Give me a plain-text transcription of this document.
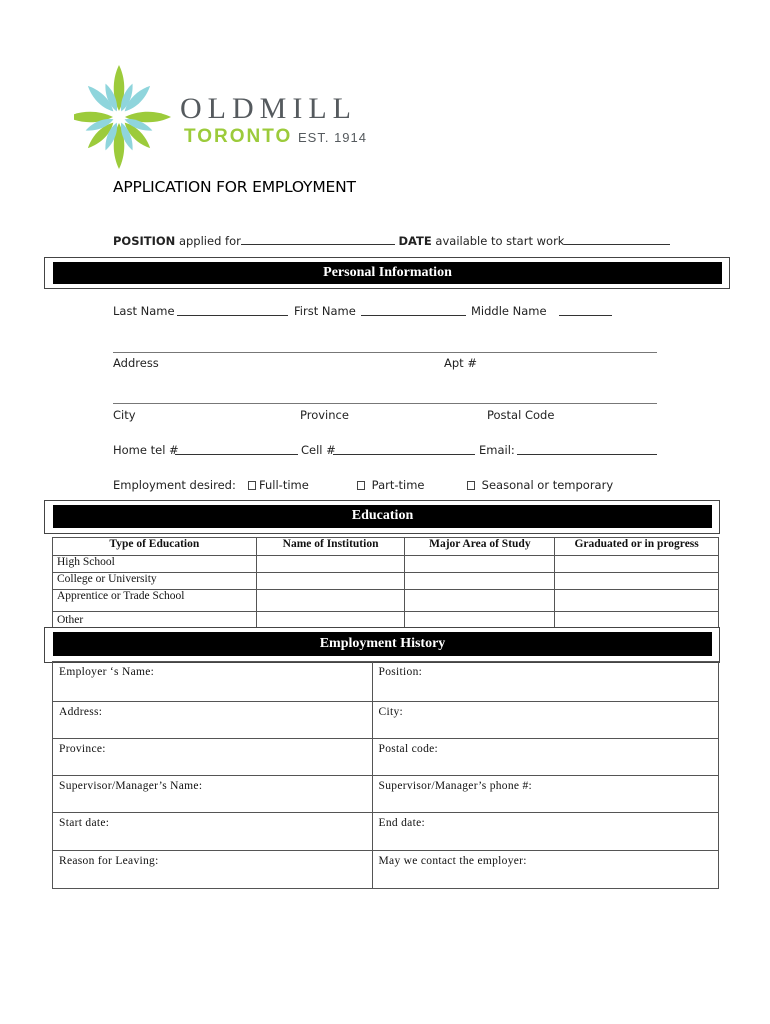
OLDMILL
TORONTO EST. 1914
APPLICATION FOR EMPLOYMENT
POSITION applied for	DATE available to start work
Personal Information
Last Name	First Name	Middle Name
Address	Apt #
City	Province	Postal Code
Home tel #	Cell #	Email:
Employment desired:	Full-time	Part-time	Seasonal or temporary
Education
Type of Education	Name of Institution	Major Area of Study	Graduated or in progress
High School			
College or University			
Apprentice or Trade School			
Other			
Employment History
Employer ‘s Name:	Position:
Address:	City:
Province:	Postal code:
Supervisor/Manager’s Name:	Supervisor/Manager’s phone #:
Start date:	End date:
Reason for Leaving:	May we contact the employer:
